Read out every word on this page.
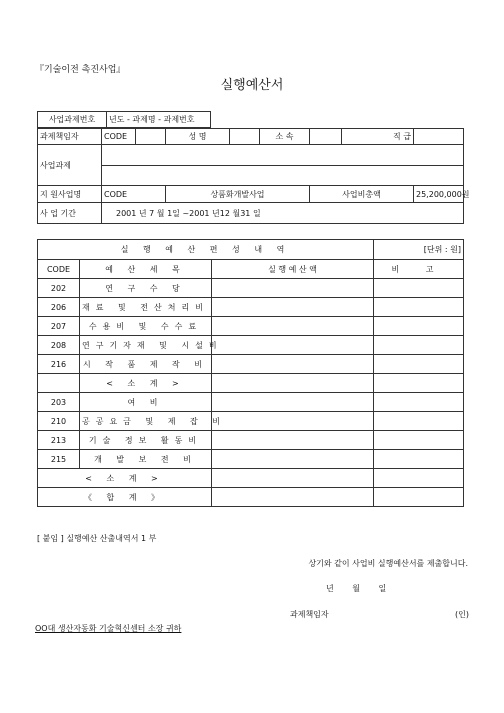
『기술이전 촉진사업』
실행예산서
사업과제번호	년도 - 과제명 - 과제번호
과제책임자	CODE		성 명		소 속		직 급	
사업과제								

지 원사업명	CODE		상품화개발사업			사업비총액		25,200,000원
사 업 기간	2001 년 7 월 1일 ~2001 년12 월31 일							
실 행 예 산 편 성 내 역			[단위 : 원]
CODE	예 산 세 목	실 행 예 산 액	비 고
202	연 구 수 당		
206	재료 및 전산처리비		
207	수용비 및 수수료		
208	연구기자재 및 시설비		
216	시 작 품 제 작 비		
	< 소 계 >		
203	여 비		
210	공공요금 및 제 잡 비		
213	기술 정보 활동비		
215	개 발 보 전 비		
< 소 계 >			
《 합 계 》			
[ 붙임 ] 실행예산 산출내역서 1 부
상기와 같이 사업비 실행예산서를 제출합니다.
년 월 일
과제책임자	(인)
OO대 생산자동화 기술혁신센터 소장 귀하
